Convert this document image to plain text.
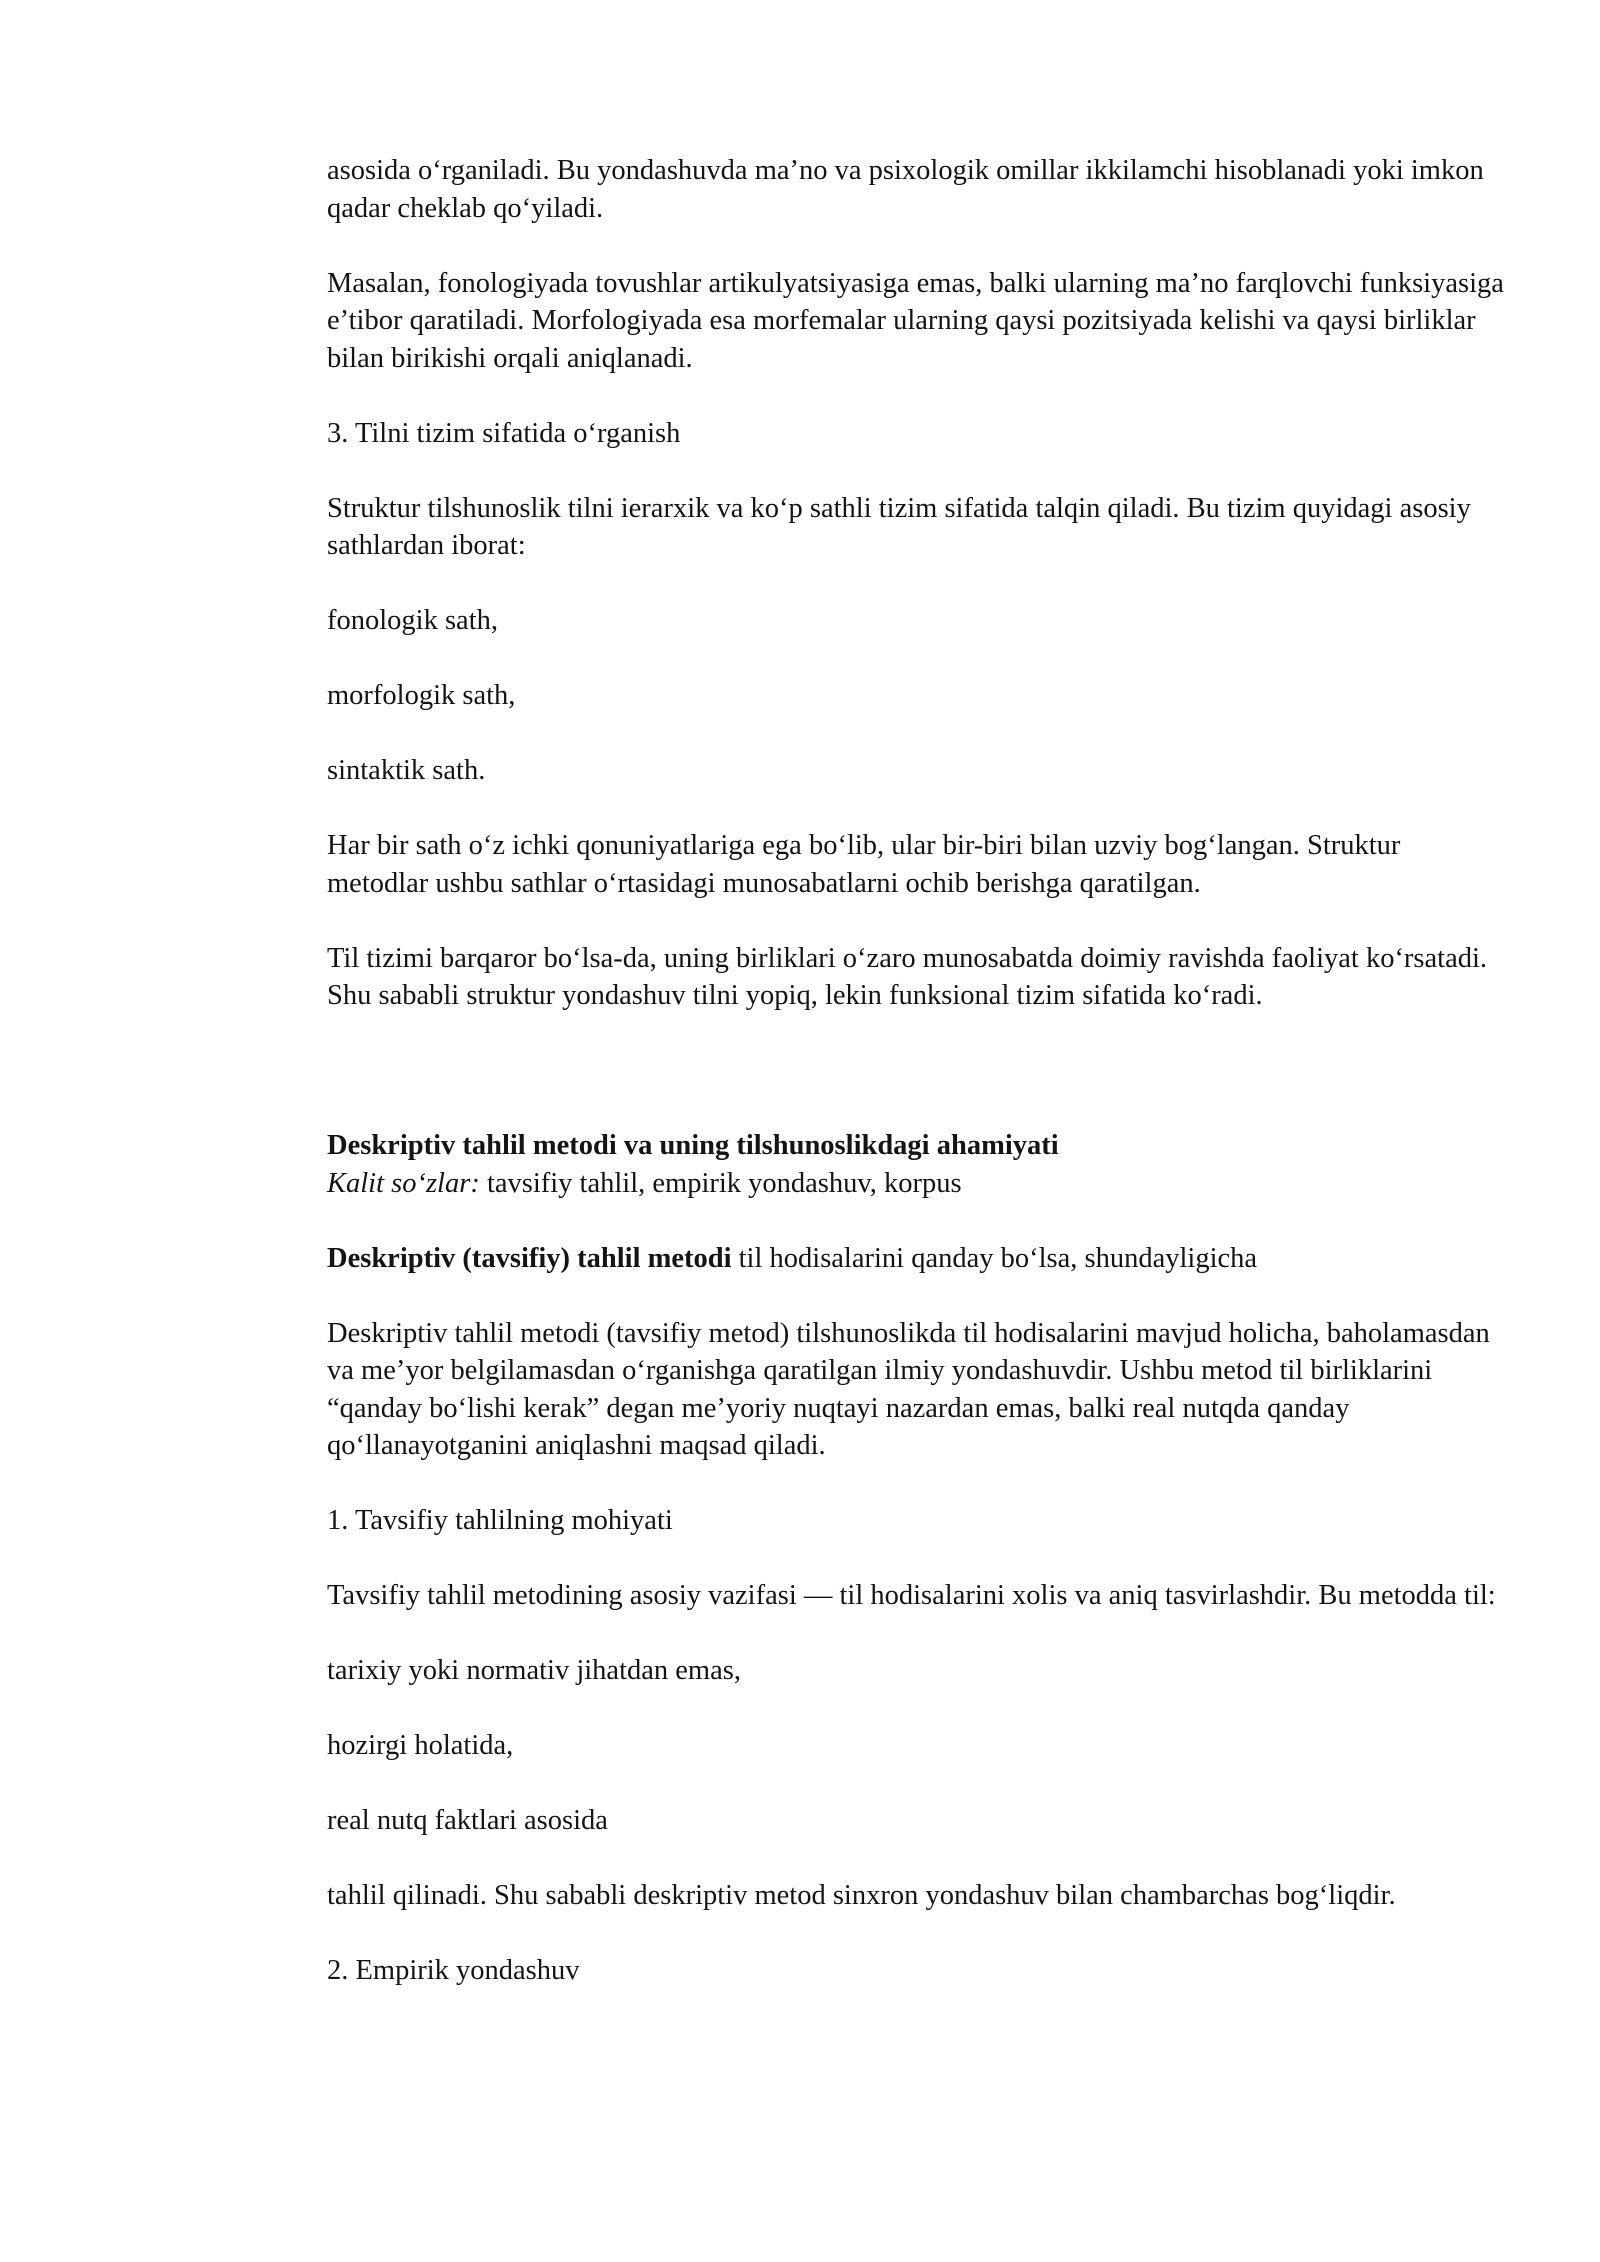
asosida o‘rganiladi. Bu yondashuvda ma’no va psixologik omillar ikkilamchi hisoblanadi yoki imkon qadar cheklab qo‘yiladi.

Masalan, fonologiyada tovushlar artikulyatsiyasiga emas, balki ularning ma’no farqlovchi funksiyasiga e’tibor qaratiladi. Morfologiyada esa morfemalar ularning qaysi pozitsiyada kelishi va qaysi birliklar bilan birikishi orqali aniqlanadi.

3. Tilni tizim sifatida o‘rganish

Struktur tilshunoslik tilni ierarxik va ko‘p sathli tizim sifatida talqin qiladi. Bu tizim quyidagi asosiy sathlardan iborat:

fonologik sath,

morfologik sath,

sintaktik sath.

Har bir sath o‘z ichki qonuniyatlariga ega bo‘lib, ular bir-biri bilan uzviy bog‘langan. Struktur metodlar ushbu sathlar o‘rtasidagi munosabatlarni ochib berishga qaratilgan.

Til tizimi barqaror bo‘lsa-da, uning birliklari o‘zaro munosabatda doimiy ravishda faoliyat ko‘rsatadi. Shu sababli struktur yondashuv tilni yopiq, lekin funksional tizim sifatida ko‘radi.

Deskriptiv tahlil metodi va uning tilshunoslikdagi ahamiyati

Kalit so‘zlar: tavsifiy tahlil, empirik yondashuv, korpus

Deskriptiv (tavsifiy) tahlil metodi til hodisalarini qanday bo‘lsa, shundayligicha

Deskriptiv tahlil metodi (tavsifiy metod) tilshunoslikda til hodisalarini mavjud holicha, baholamasdan va me’yor belgilamasdan o‘rganishga qaratilgan ilmiy yondashuvdir. Ushbu metod til birliklarini “qanday bo‘lishi kerak” degan me’yoriy nuqtayi nazardan emas, balki real nutqda qanday qo‘llanayotganini aniqlashni maqsad qiladi.

1. Tavsifiy tahlilning mohiyati

Tavsifiy tahlil metodining asosiy vazifasi — til hodisalarini xolis va aniq tasvirlashdir. Bu metodda til:

tarixiy yoki normativ jihatdan emas,

hozirgi holatida,

real nutq faktlari asosida

tahlil qilinadi. Shu sababli deskriptiv metod sinxron yondashuv bilan chambarchas bog‘liqdir.

2. Empirik yondashuv
